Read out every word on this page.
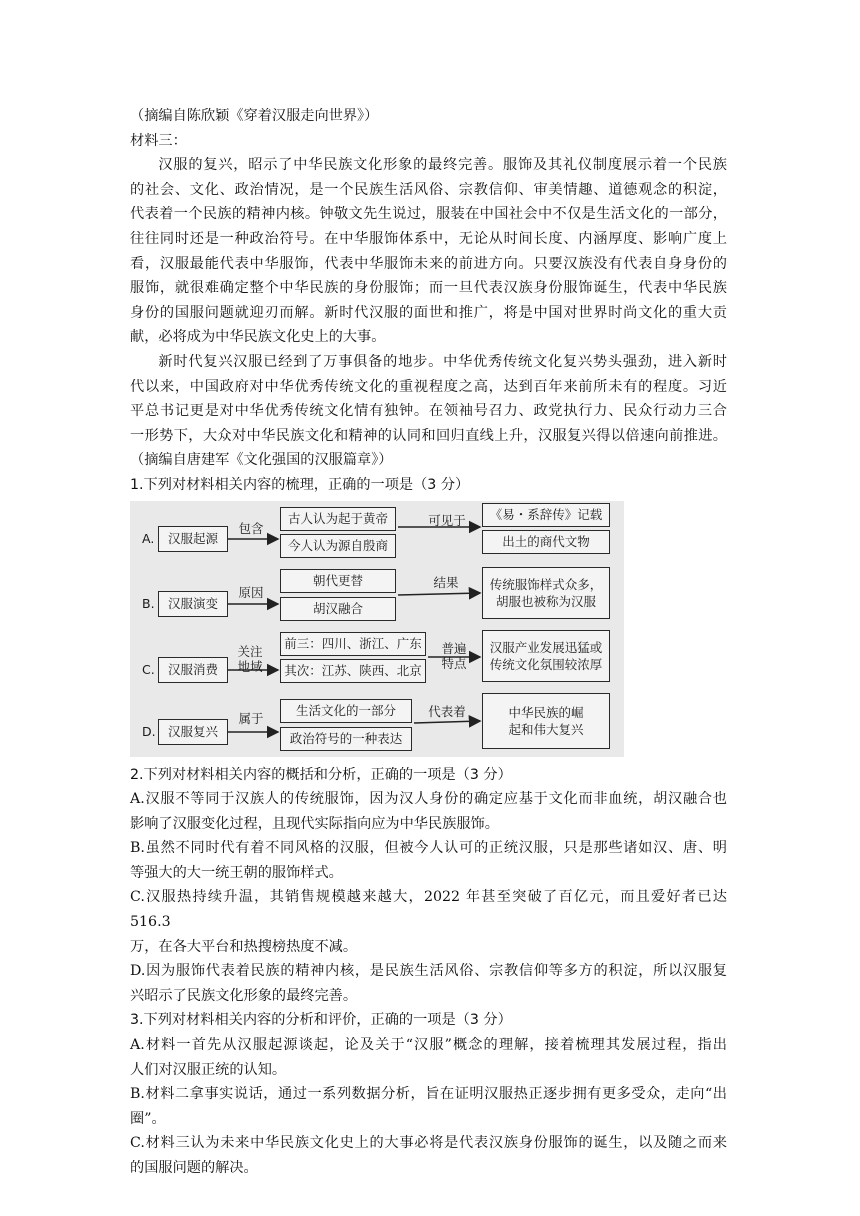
（摘编自陈欣颖《穿着汉服走向世界》）
材料三：
汉服的复兴，昭示了中华民族文化形象的最终完善。服饰及其礼仪制度展示着一个民族
的社会、文化、政治情况，是一个民族生活风俗、宗教信仰、审美情趣、道德观念的积淀，
代表着一个民族的精神内核。钟敬文先生说过，服装在中国社会中不仅是生活文化的一部分，
往往同时还是一种政治符号。在中华服饰体系中，无论从时间长度、内涵厚度、影响广度上
看，汉服最能代表中华服饰，代表中华服饰未来的前进方向。只要汉族没有代表自身身份的
服饰，就很难确定整个中华民族的身份服饰；而一旦代表汉族身份服饰诞生，代表中华民族
身份的国服问题就迎刃而解。新时代汉服的面世和推广，将是中国对世界时尚文化的重大贡
献，必将成为中华民族文化史上的大事。
新时代复兴汉服已经到了万事俱备的地步。中华优秀传统文化复兴势头强劲，进入新时
代以来，中国政府对中华优秀传统文化的重视程度之高，达到百年来前所未有的程度。习近
平总书记更是对中华优秀传统文化情有独钟。在领袖号召力、政党执行力、民众行动力三合
一形势下，大众对中华民族文化和精神的认同和回归直线上升，汉服复兴得以倍速向前推进。
（摘编自唐建军《文化强国的汉服篇章》）
1.下列对材料相关内容的梳理，正确的一项是（3 分）
A.	汉服起源
包含
古人认为起于黄帝
今人认为源自殷商
可见于	《易・系辞传》记载
出土的商代文物
B.	汉服演变
原因
朝代更替
胡汉融合
结果	传统服饰样式众多，
胡服也被称为汉服
C.	汉服消费
关注
地域
前三：四川、浙江、广东
其次：江苏、陕西、北京
普遍
特点
汉服产业发展迅猛或
传统文化氛围较浓厚
D. 汉服复兴
属于	生活文化的一部分
政治符号的一种表达
代表着	中华民族的崛
起和伟大复兴
2.下列对材料相关内容的概括和分析，正确的一项是（3 分）
A.汉服不等同于汉族人的传统服饰，因为汉人身份的确定应基于文化而非血统，胡汉融合也
影响了汉服变化过程，且现代实际指向应为中华民族服饰。
B.虽然不同时代有着不同风格的汉服，但被今人认可的正统汉服，只是那些诸如汉、唐、明
等强大的大一统王朝的服饰样式。
C.汉服热持续升温，其销售规模越来越大，2022 年甚至突破了百亿元，而且爱好者已达 516.3
万，在各大平台和热搜榜热度不减。
D.因为服饰代表着民族的精神内核，是民族生活风俗、宗教信仰等多方的积淀，所以汉服复
兴昭示了民族文化形象的最终完善。
3.下列对材料相关内容的分析和评价，正确的一项是（3 分）
A.材料一首先从汉服起源谈起，论及关于“汉服”概念的理解，接着梳理其发展过程，指出
人们对汉服正统的认知。
B.材料二拿事实说话，通过一系列数据分析，旨在证明汉服热正逐步拥有更多受众，走向“出
圈”。
C.材料三认为未来中华民族文化史上的大事必将是代表汉族身份服饰的诞生，以及随之而来
的国服问题的解决。
